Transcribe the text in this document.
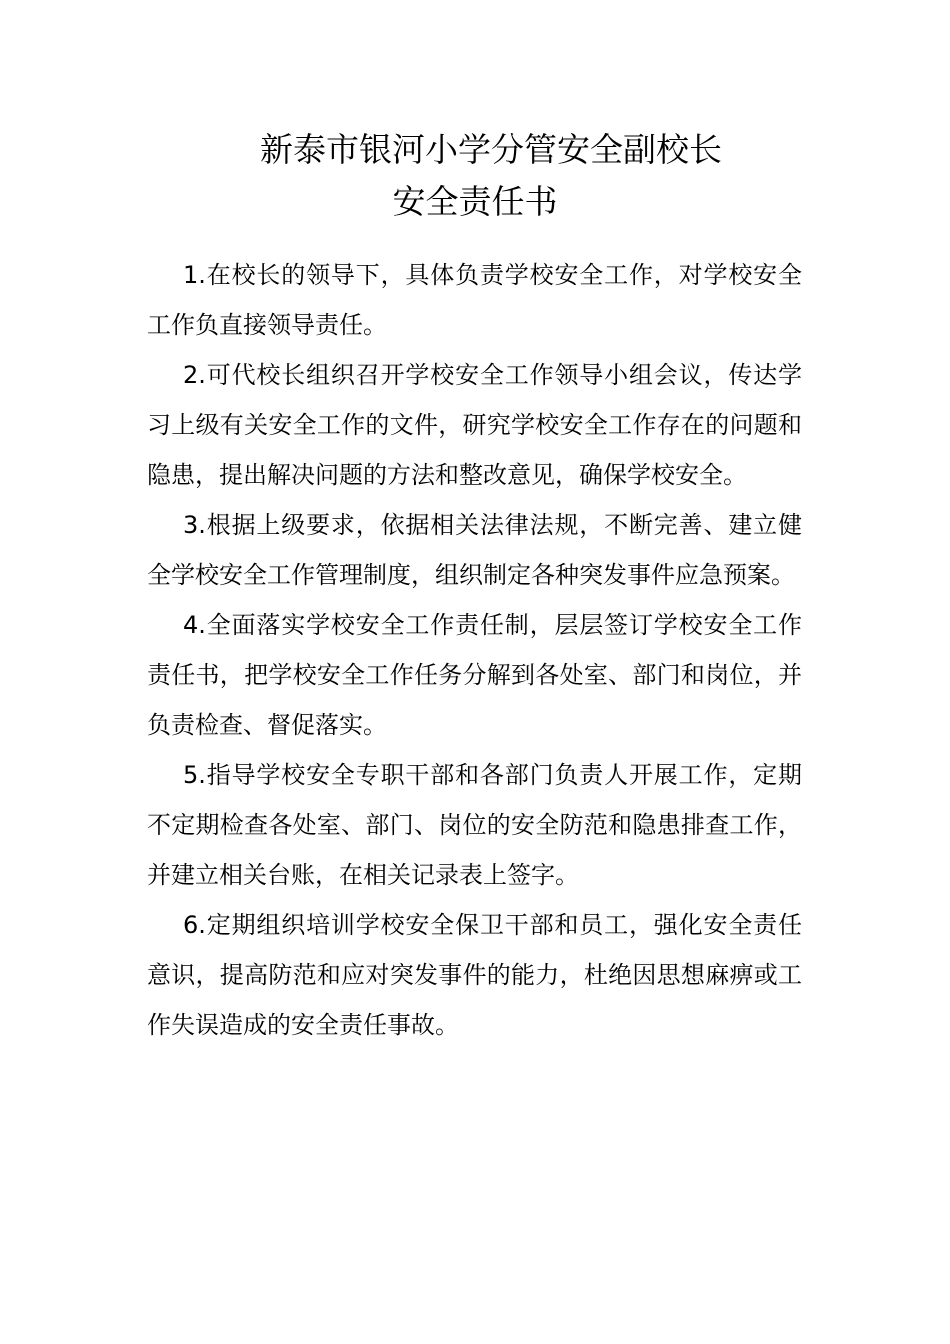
新泰市银河小学分管安全副校长
安全责任书

1.在校长的领导下，具体负责学校安全工作，对学校安全工作负直接领导责任。

2.可代校长组织召开学校安全工作领导小组会议，传达学习上级有关安全工作的文件，研究学校安全工作存在的问题和隐患，提出解决问题的方法和整改意见，确保学校安全。

3.根据上级要求，依据相关法律法规，不断完善、建立健全学校安全工作管理制度，组织制定各种突发事件应急预案。

4.全面落实学校安全工作责任制，层层签订学校安全工作责任书，把学校安全工作任务分解到各处室、部门和岗位，并负责检查、督促落实。

5.指导学校安全专职干部和各部门负责人开展工作，定期不定期检查各处室、部门、岗位的安全防范和隐患排查工作，并建立相关台账，在相关记录表上签字。

6.定期组织培训学校安全保卫干部和员工，强化安全责任意识，提高防范和应对突发事件的能力，杜绝因思想麻痹或工作失误造成的安全责任事故。
